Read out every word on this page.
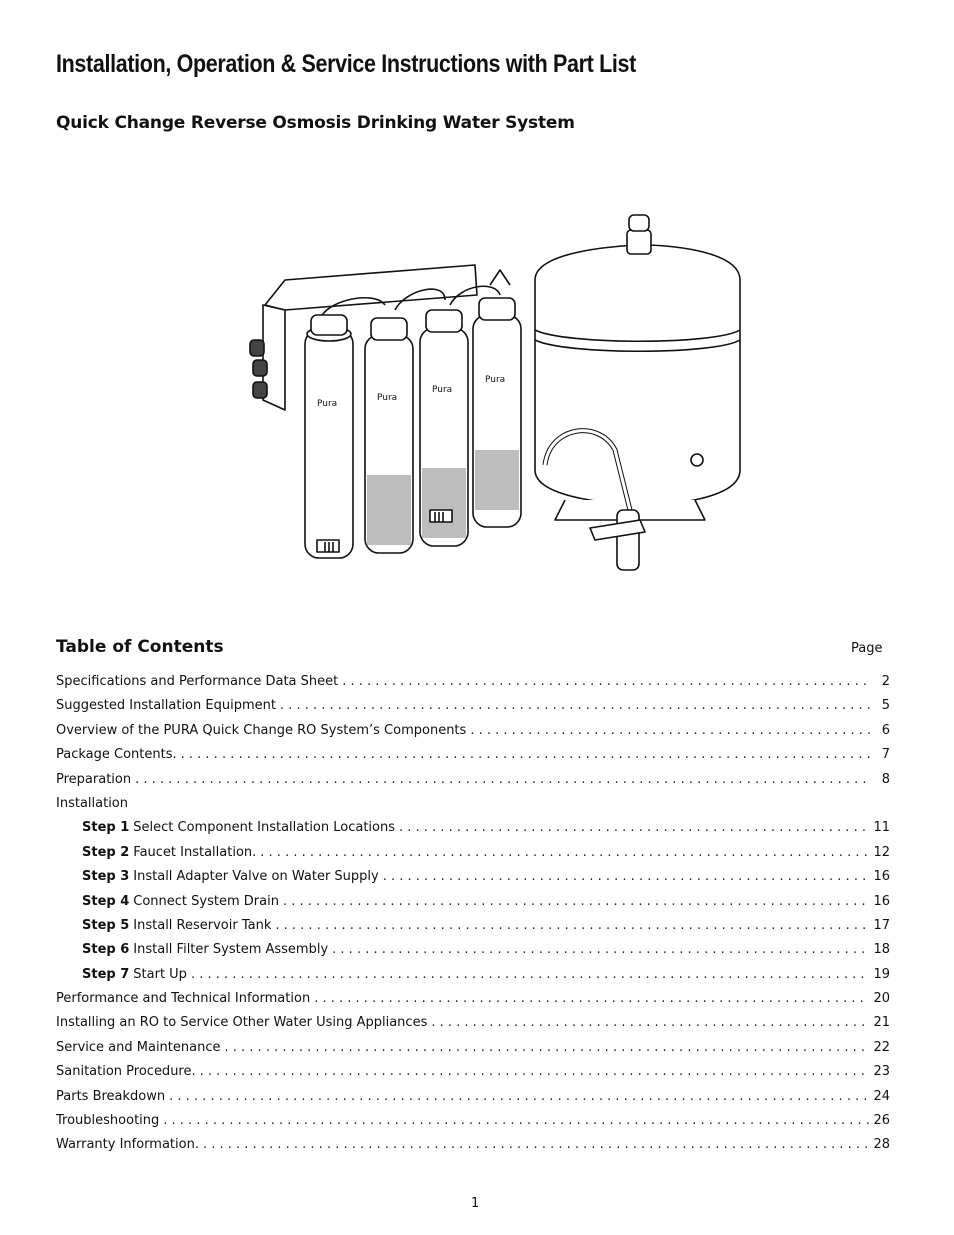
Installation, Operation & Service Instructions with Part List
Quick Change Reverse Osmosis Drinking Water System
Pura
Pura
Pura
Pura
Table of Contents	Page
Specifications and Performance Data Sheet . . .	2
Suggested Installation Equipment . . .	5
Overview of the PURA Quick Change RO System’s Components . . .	6
Package Contents. . . .	7
Preparation . . .	8
Installation
Step 1 Select Component Installation Locations . . .	11
Step 2 Faucet Installation. . . .	12
Step 3 Install Adapter Valve on Water Supply . . .	16
Step 4 Connect System Drain . . .	16
Step 5 Install Reservoir Tank . . .	17
Step 6 Install Filter System Assembly . . .	18
Step 7 Start Up . . .	19
Performance and Technical Information . . .	20
Installing an RO to Service Other Water Using Appliances . . .	21
Service and Maintenance . . .	22
Sanitation Procedure. . . .	23
Parts Breakdown . . .	24
Troubleshooting . . .	26
Warranty Information. . . .	28
1
